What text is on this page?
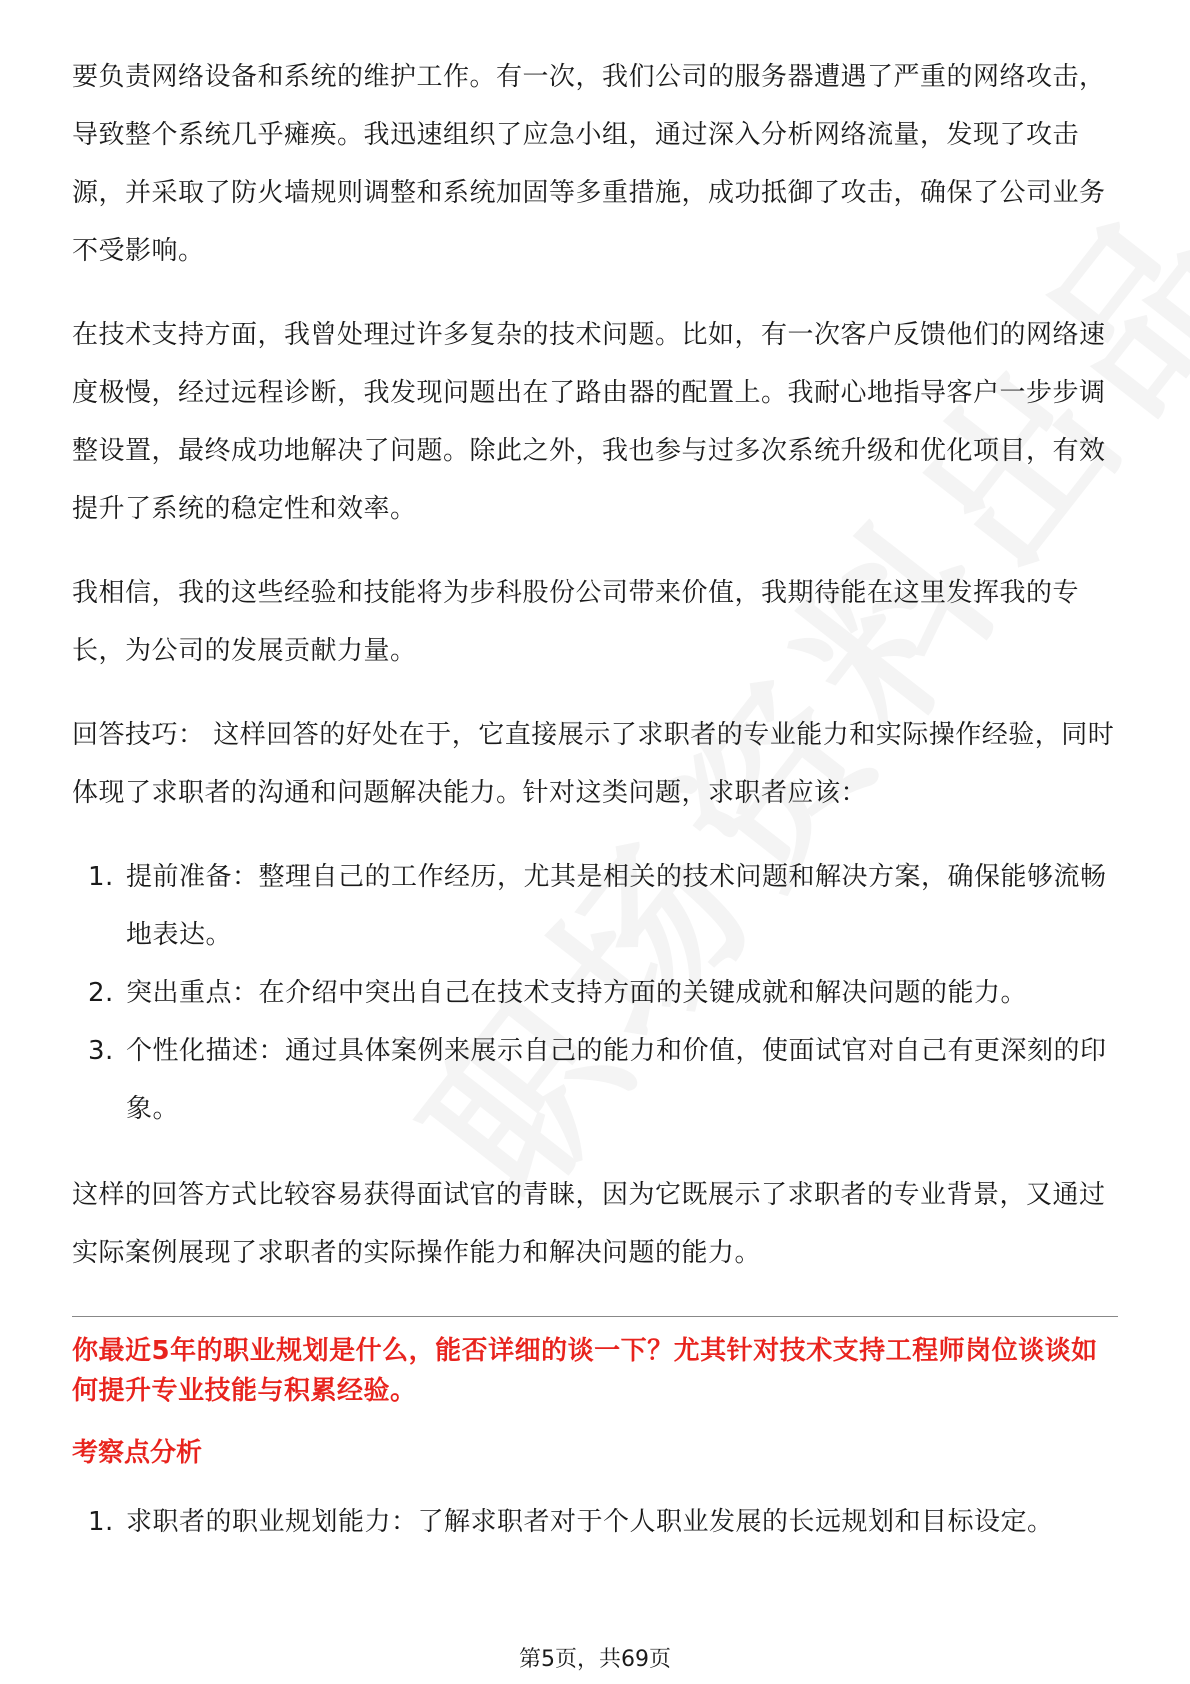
要负责网络设备和系统的维护工作。有一次，我们公司的服务器遭遇了严重的网络攻击，导致整个系统几乎瘫痪。我迅速组织了应急小组，通过深入分析网络流量，发现了攻击源，并采取了防火墙规则调整和系统加固等多重措施，成功抵御了攻击，确保了公司业务不受影响。

在技术支持方面，我曾处理过许多复杂的技术问题。比如，有一次客户反馈他们的网络速度极慢，经过远程诊断，我发现问题出在了路由器的配置上。我耐心地指导客户一步步调整设置，最终成功地解决了问题。除此之外，我也参与过多次系统升级和优化项目，有效提升了系统的稳定性和效率。

我相信，我的这些经验和技能将为步科股份公司带来价值，我期待能在这里发挥我的专长，为公司的发展贡献力量。

回答技巧： 这样回答的好处在于，它直接展示了求职者的专业能力和实际操作经验，同时体现了求职者的沟通和问题解决能力。针对这类问题，求职者应该：

1. 提前准备：整理自己的工作经历，尤其是相关的技术问题和解决方案，确保能够流畅地表达。
2. 突出重点：在介绍中突出自己在技术支持方面的关键成就和解决问题的能力。
3. 个性化描述：通过具体案例来展示自己的能力和价值，使面试官对自己有更深刻的印象。

这样的回答方式比较容易获得面试官的青睐，因为它既展示了求职者的专业背景，又通过实际案例展现了求职者的实际操作能力和解决问题的能力。

你最近5年的职业规划是什么，能否详细的谈一下？尤其针对技术支持工程师岗位谈谈如何提升专业技能与积累经验。

考察点分析

1. 求职者的职业规划能力：了解求职者对于个人职业发展的长远规划和目标设定。
第5页，共69页
